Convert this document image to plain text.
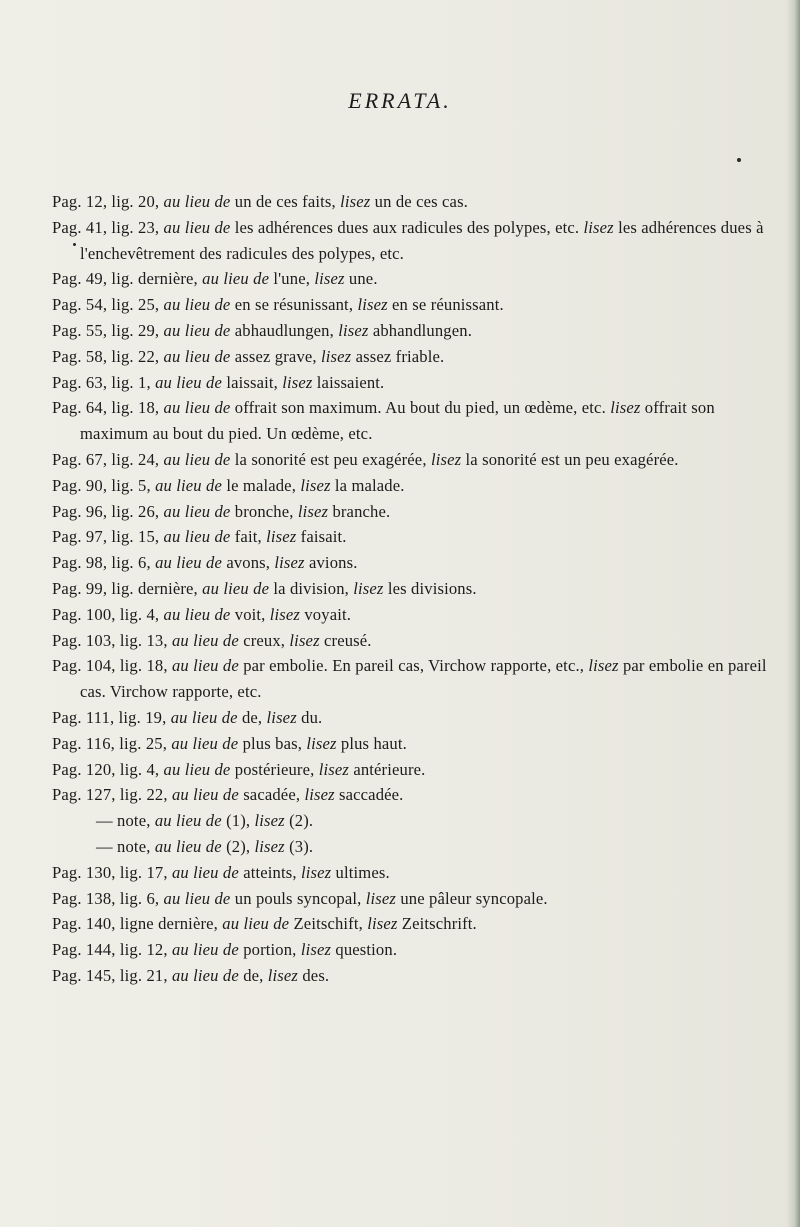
ERRATA.

Pag. 12, lig. 20, au lieu de un de ces faits, lisez un de ces cas.

Pag. 41, lig. 23, au lieu de les adhérences dues aux radicules des polypes, etc. lisez les adhérences dues à l'enchevêtrement des radicules des polypes, etc.

Pag. 49, lig. dernière, au lieu de l'une, lisez une.

Pag. 54, lig. 25, au lieu de en se résunissant, lisez en se réunissant.

Pag. 55, lig. 29, au lieu de abhaudlungen, lisez abhandlungen.

Pag. 58, lig. 22, au lieu de assez grave, lisez assez friable.

Pag. 63, lig. 1, au lieu de laissait, lisez laissaient.

Pag. 64, lig. 18, au lieu de offrait son maximum. Au bout du pied, un œdème, etc. lisez offrait son maximum au bout du pied. Un œdème, etc.

Pag. 67, lig. 24, au lieu de la sonorité est peu exagérée, lisez la sonorité est un peu exagérée.

Pag. 90, lig. 5, au lieu de le malade, lisez la malade.

Pag. 96, lig. 26, au lieu de bronche, lisez branche.

Pag. 97, lig. 15, au lieu de fait, lisez faisait.

Pag. 98, lig. 6, au lieu de avons, lisez avions.

Pag. 99, lig. dernière, au lieu de la division, lisez les divisions.

Pag. 100, lig. 4, au lieu de voit, lisez voyait.

Pag. 103, lig. 13, au lieu de creux, lisez creusé.

Pag. 104, lig. 18, au lieu de par embolie. En pareil cas, Virchow rapporte, etc., lisez par embolie en pareil cas. Virchow rapporte, etc.

Pag. 111, lig. 19, au lieu de de, lisez du.

Pag. 116, lig. 25, au lieu de plus bas, lisez plus haut.

Pag. 120, lig. 4, au lieu de postérieure, lisez antérieure.

Pag. 127, lig. 22, au lieu de sacadée, lisez saccadée.

— note, au lieu de (1), lisez (2).

— note, au lieu de (2), lisez (3).

Pag. 130, lig. 17, au lieu de atteints, lisez ultimes.

Pag. 138, lig. 6, au lieu de un pouls syncopal, lisez une pâleur syncopale.

Pag. 140, ligne dernière, au lieu de Zeitschift, lisez Zeitschrift.

Pag. 144, lig. 12, au lieu de portion, lisez question.

Pag. 145, lig. 21, au lieu de de, lisez des.
